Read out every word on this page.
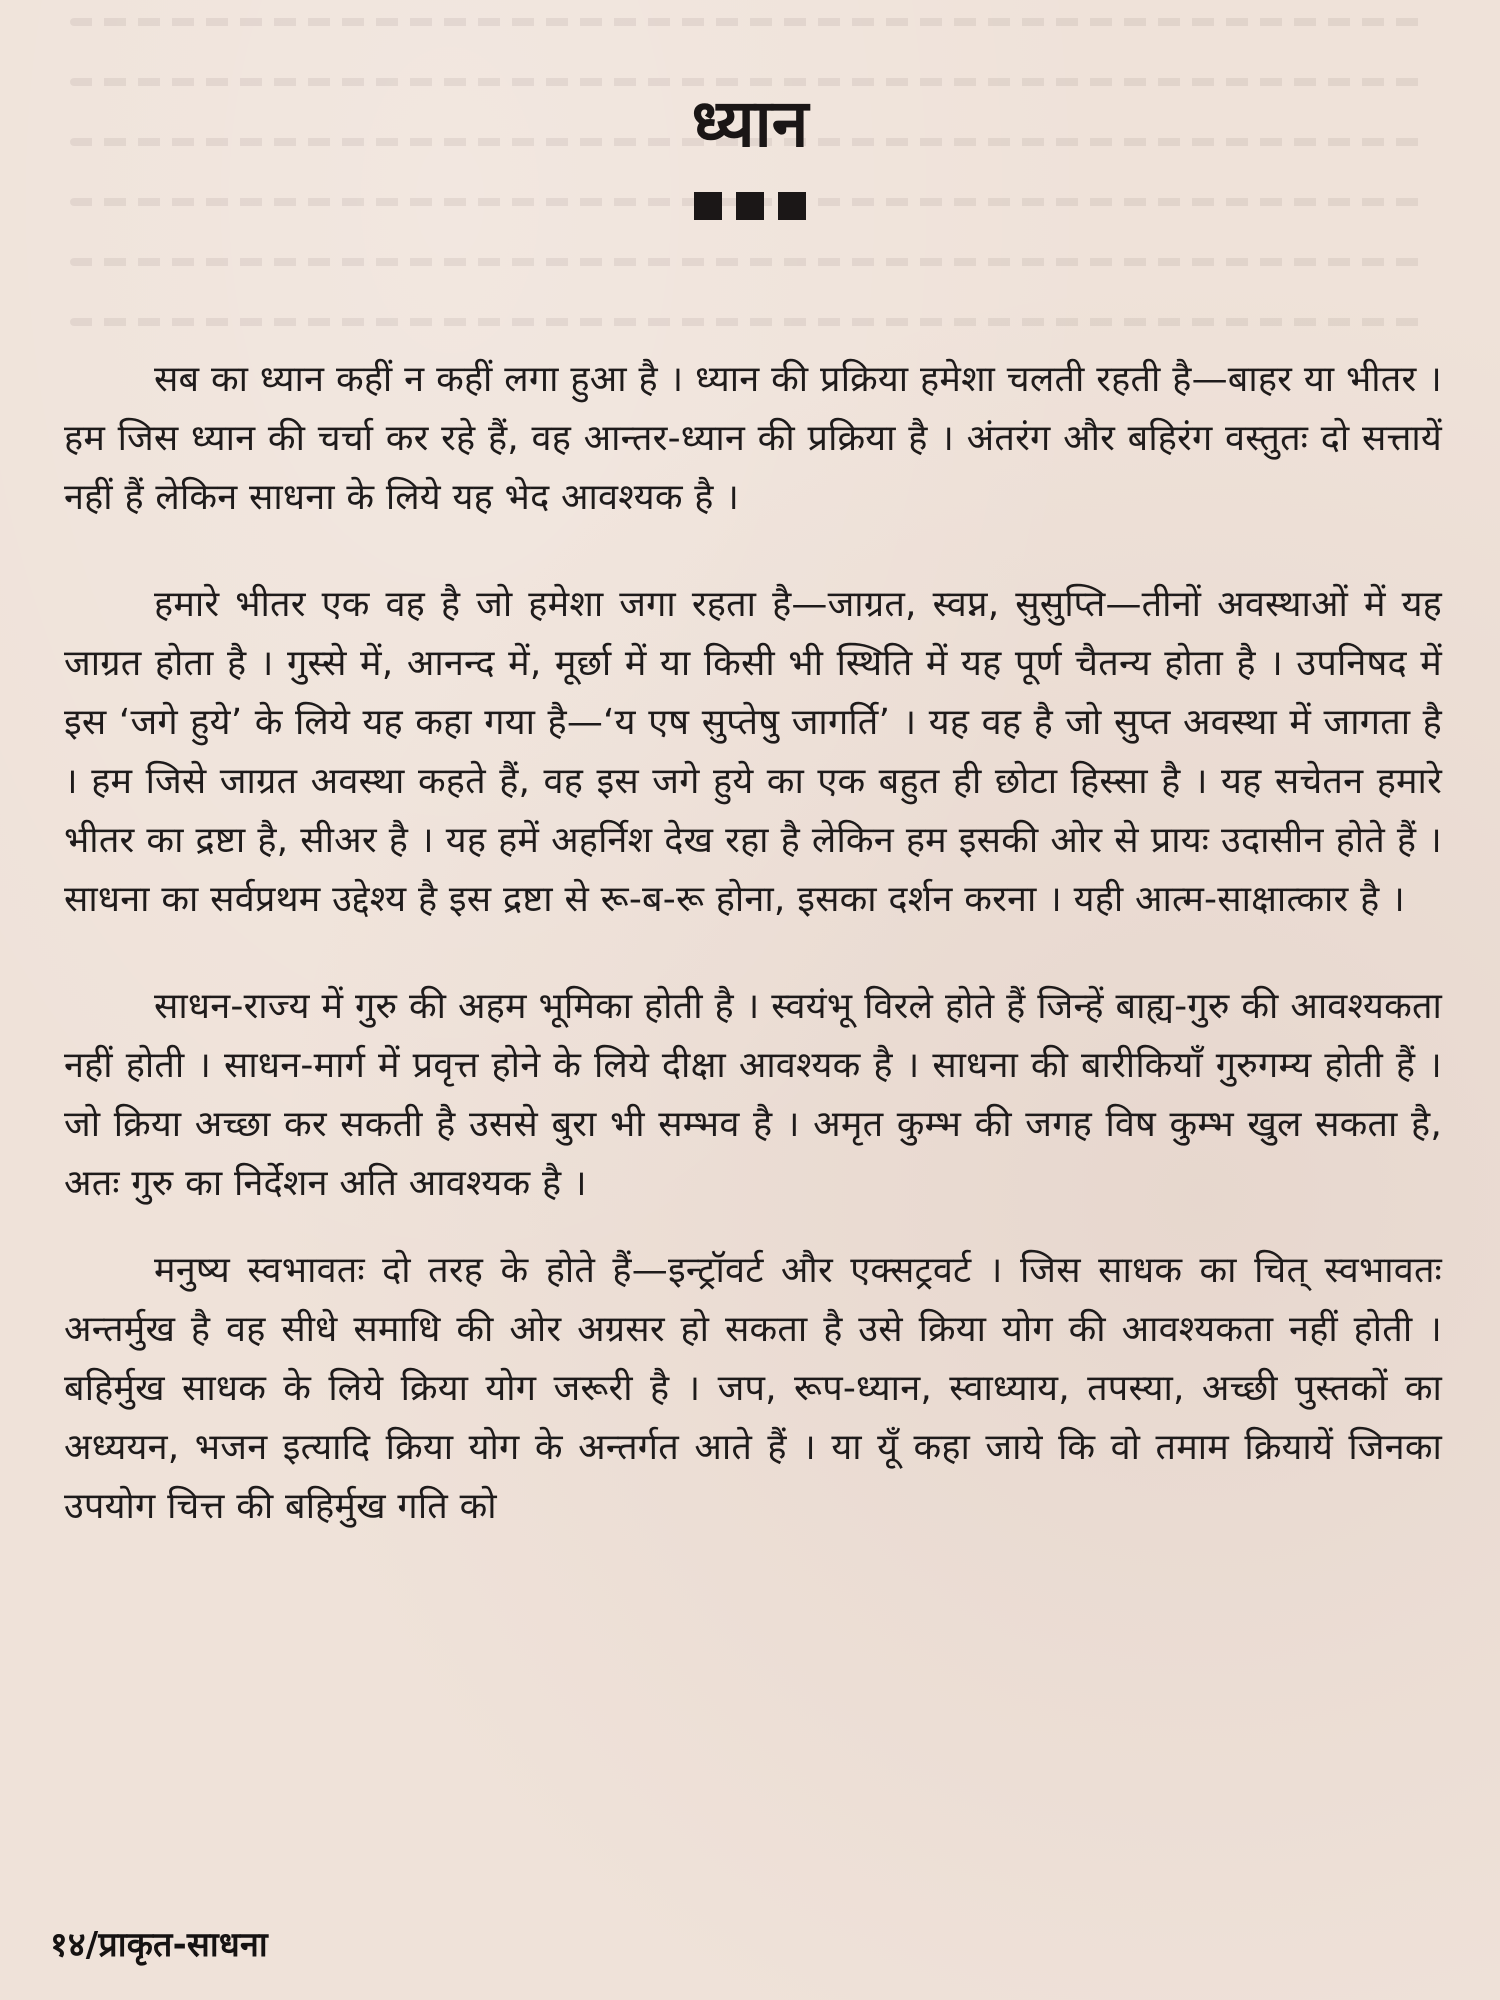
ध्यान

सब का ध्यान कहीं न कहीं लगा हुआ है । ध्यान की प्रक्रिया हमेशा चलती रहती है—बाहर या भीतर । हम जिस ध्यान की चर्चा कर रहे हैं, वह आन्तर-ध्यान की प्रक्रिया है । अंतरंग और बहिरंग वस्तुतः दो सत्तायें नहीं हैं लेकिन साधना के लिये यह भेद आवश्यक है ।

हमारे भीतर एक वह है जो हमेशा जगा रहता है—जाग्रत, स्वप्न, सुसुप्ति—तीनों अवस्थाओं में यह जाग्रत होता है । गुस्से में, आनन्द में, मूर्छा में या किसी भी स्थिति में यह पूर्ण चैतन्य होता है । उपनिषद में इस ‘जगे हुये’ के लिये यह कहा गया है—‘य एष सुप्तेषु जागर्ति’ । यह वह है जो सुप्त अवस्था में जागता है । हम जिसे जाग्रत अवस्था कहते हैं, वह इस जगे हुये का एक बहुत ही छोटा हिस्सा है । यह सचेतन हमारे भीतर का द्रष्टा है, सीअर है । यह हमें अहर्निश देख रहा है लेकिन हम इसकी ओर से प्रायः उदासीन होते हैं । साधना का सर्वप्रथम उद्देश्य है इस द्रष्टा से रू-ब-रू होना, इसका दर्शन करना । यही आत्म-साक्षात्कार है ।

साधन-राज्य में गुरु की अहम भूमिका होती है । स्वयंभू विरले होते हैं जिन्हें बाह्य-गुरु की आवश्यकता नहीं होती । साधन-मार्ग में प्रवृत्त होने के लिये दीक्षा आवश्यक है । साधना की बारीकियाँ गुरुगम्य होती हैं । जो क्रिया अच्छा कर सकती है उससे बुरा भी सम्भव है । अमृत कुम्भ की जगह विष कुम्भ खुल सकता है, अतः गुरु का निर्देशन अति आवश्यक है ।

मनुष्य स्वभावतः दो तरह के होते हैं—इन्ट्रॉवर्ट और एक्सट्रवर्ट । जिस साधक का चित् स्वभावतः अन्तर्मुख है वह सीधे समाधि की ओर अग्रसर हो सकता है उसे क्रिया योग की आवश्यकता नहीं होती । बहिर्मुख साधक के लिये क्रिया योग जरूरी है । जप, रूप-ध्यान, स्वाध्याय, तपस्या, अच्छी पुस्तकों का अध्ययन, भजन इत्यादि क्रिया योग के अन्तर्गत आते हैं । या यूँ कहा जाये कि वो तमाम क्रियायें जिनका उपयोग चित्त की बहिर्मुख गति को

१४/प्राकृत-साधना
